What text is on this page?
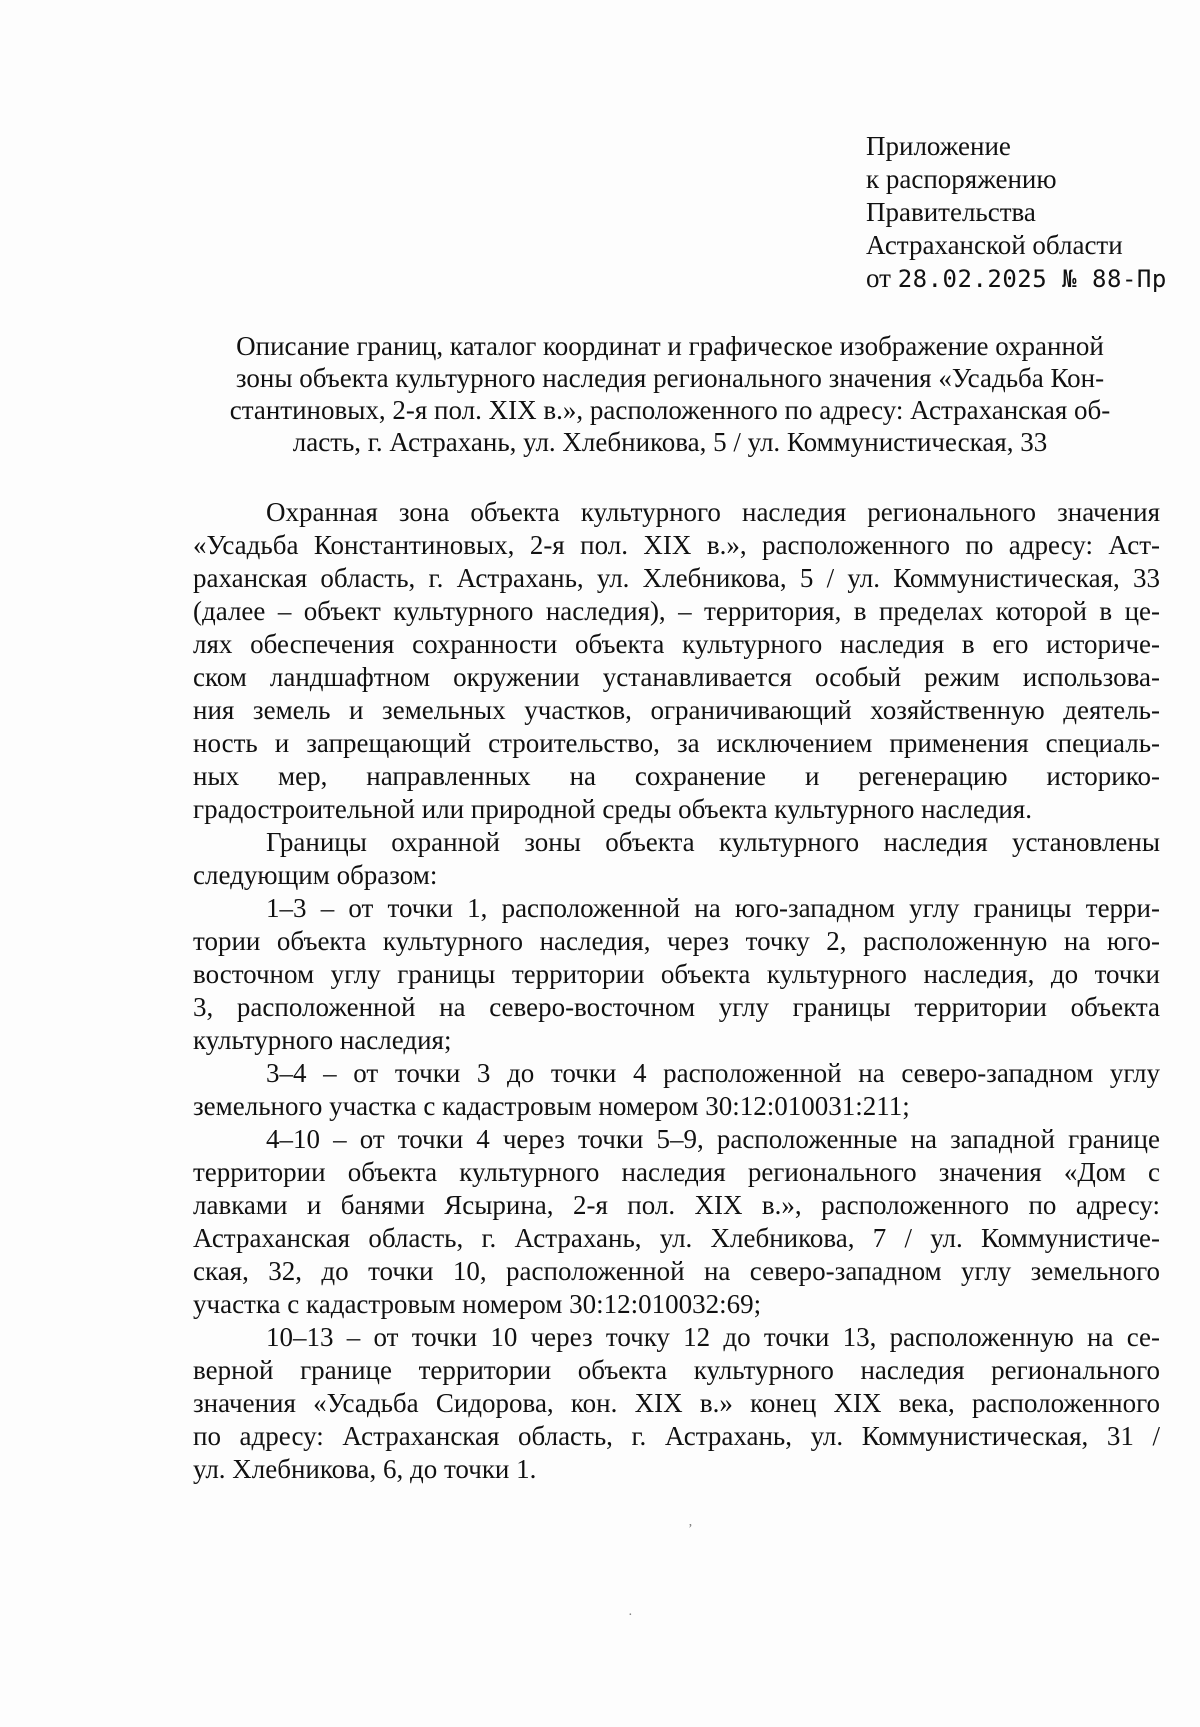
Приложение
к распоряжению
Правительства
Астраханской области
от 28.02.2025 № 88-Пр
Описание границ, каталог координат и графическое изображение охранной
зоны объекта культурного наследия регионального значения «Усадьба Кон-
стантиновых, 2-я пол. XIX в.», расположенного по адресу: Астраханская об-
ласть, г. Астрахань, ул. Хлебникова, 5 / ул. Коммунистическая, 33
Охранная зона объекта культурного наследия регионального значения
«Усадьба Константиновых, 2-я пол. XIX в.», расположенного по адресу: Аст-
раханская область, г. Астрахань, ул. Хлебникова, 5 / ул. Коммунистическая, 33
(далее – объект культурного наследия), – территория, в пределах которой в це-
лях обеспечения сохранности объекта культурного наследия в его историче-
ском ландшафтном окружении устанавливается особый режим использова-
ния земель и земельных участков, ограничивающий хозяйственную деятель-
ность и запрещающий строительство, за исключением применения специаль-
ных мер, направленных на сохранение и регенерацию историко-
градостроительной или природной среды объекта культурного наследия.
Границы охранной зоны объекта культурного наследия установлены
следующим образом:
1–3 – от точки 1, расположенной на юго-западном углу границы терри-
тории объекта культурного наследия, через точку 2, расположенную на юго-
восточном углу границы территории объекта культурного наследия, до точки
3, расположенной на северо-восточном углу границы территории объекта
культурного наследия;
3–4 – от точки 3 до точки 4 расположенной на северо-западном углу
земельного участка с кадастровым номером 30:12:010031:211;
4–10 – от точки 4 через точки 5–9, расположенные на западной границе
территории объекта культурного наследия регионального значения «Дом с
лавками и банями Ясырина, 2-я пол. XIX в.», расположенного по адресу:
Астраханская область, г. Астрахань, ул. Хлебникова, 7 / ул. Коммунистиче-
ская, 32, до точки 10, расположенной на северо-западном углу земельного
участка с кадастровым номером 30:12:010032:69;
10–13 – от точки 10 через точку 12 до точки 13, расположенную на се-
верной границе территории объекта культурного наследия регионального
значения «Усадьба Сидорова, кон. XIX в.» конец XIX века, расположенного
по адресу: Астраханская область, г. Астрахань, ул. Коммунистическая, 31 /
ул. Хлебникова, 6, до точки 1.
’
·
